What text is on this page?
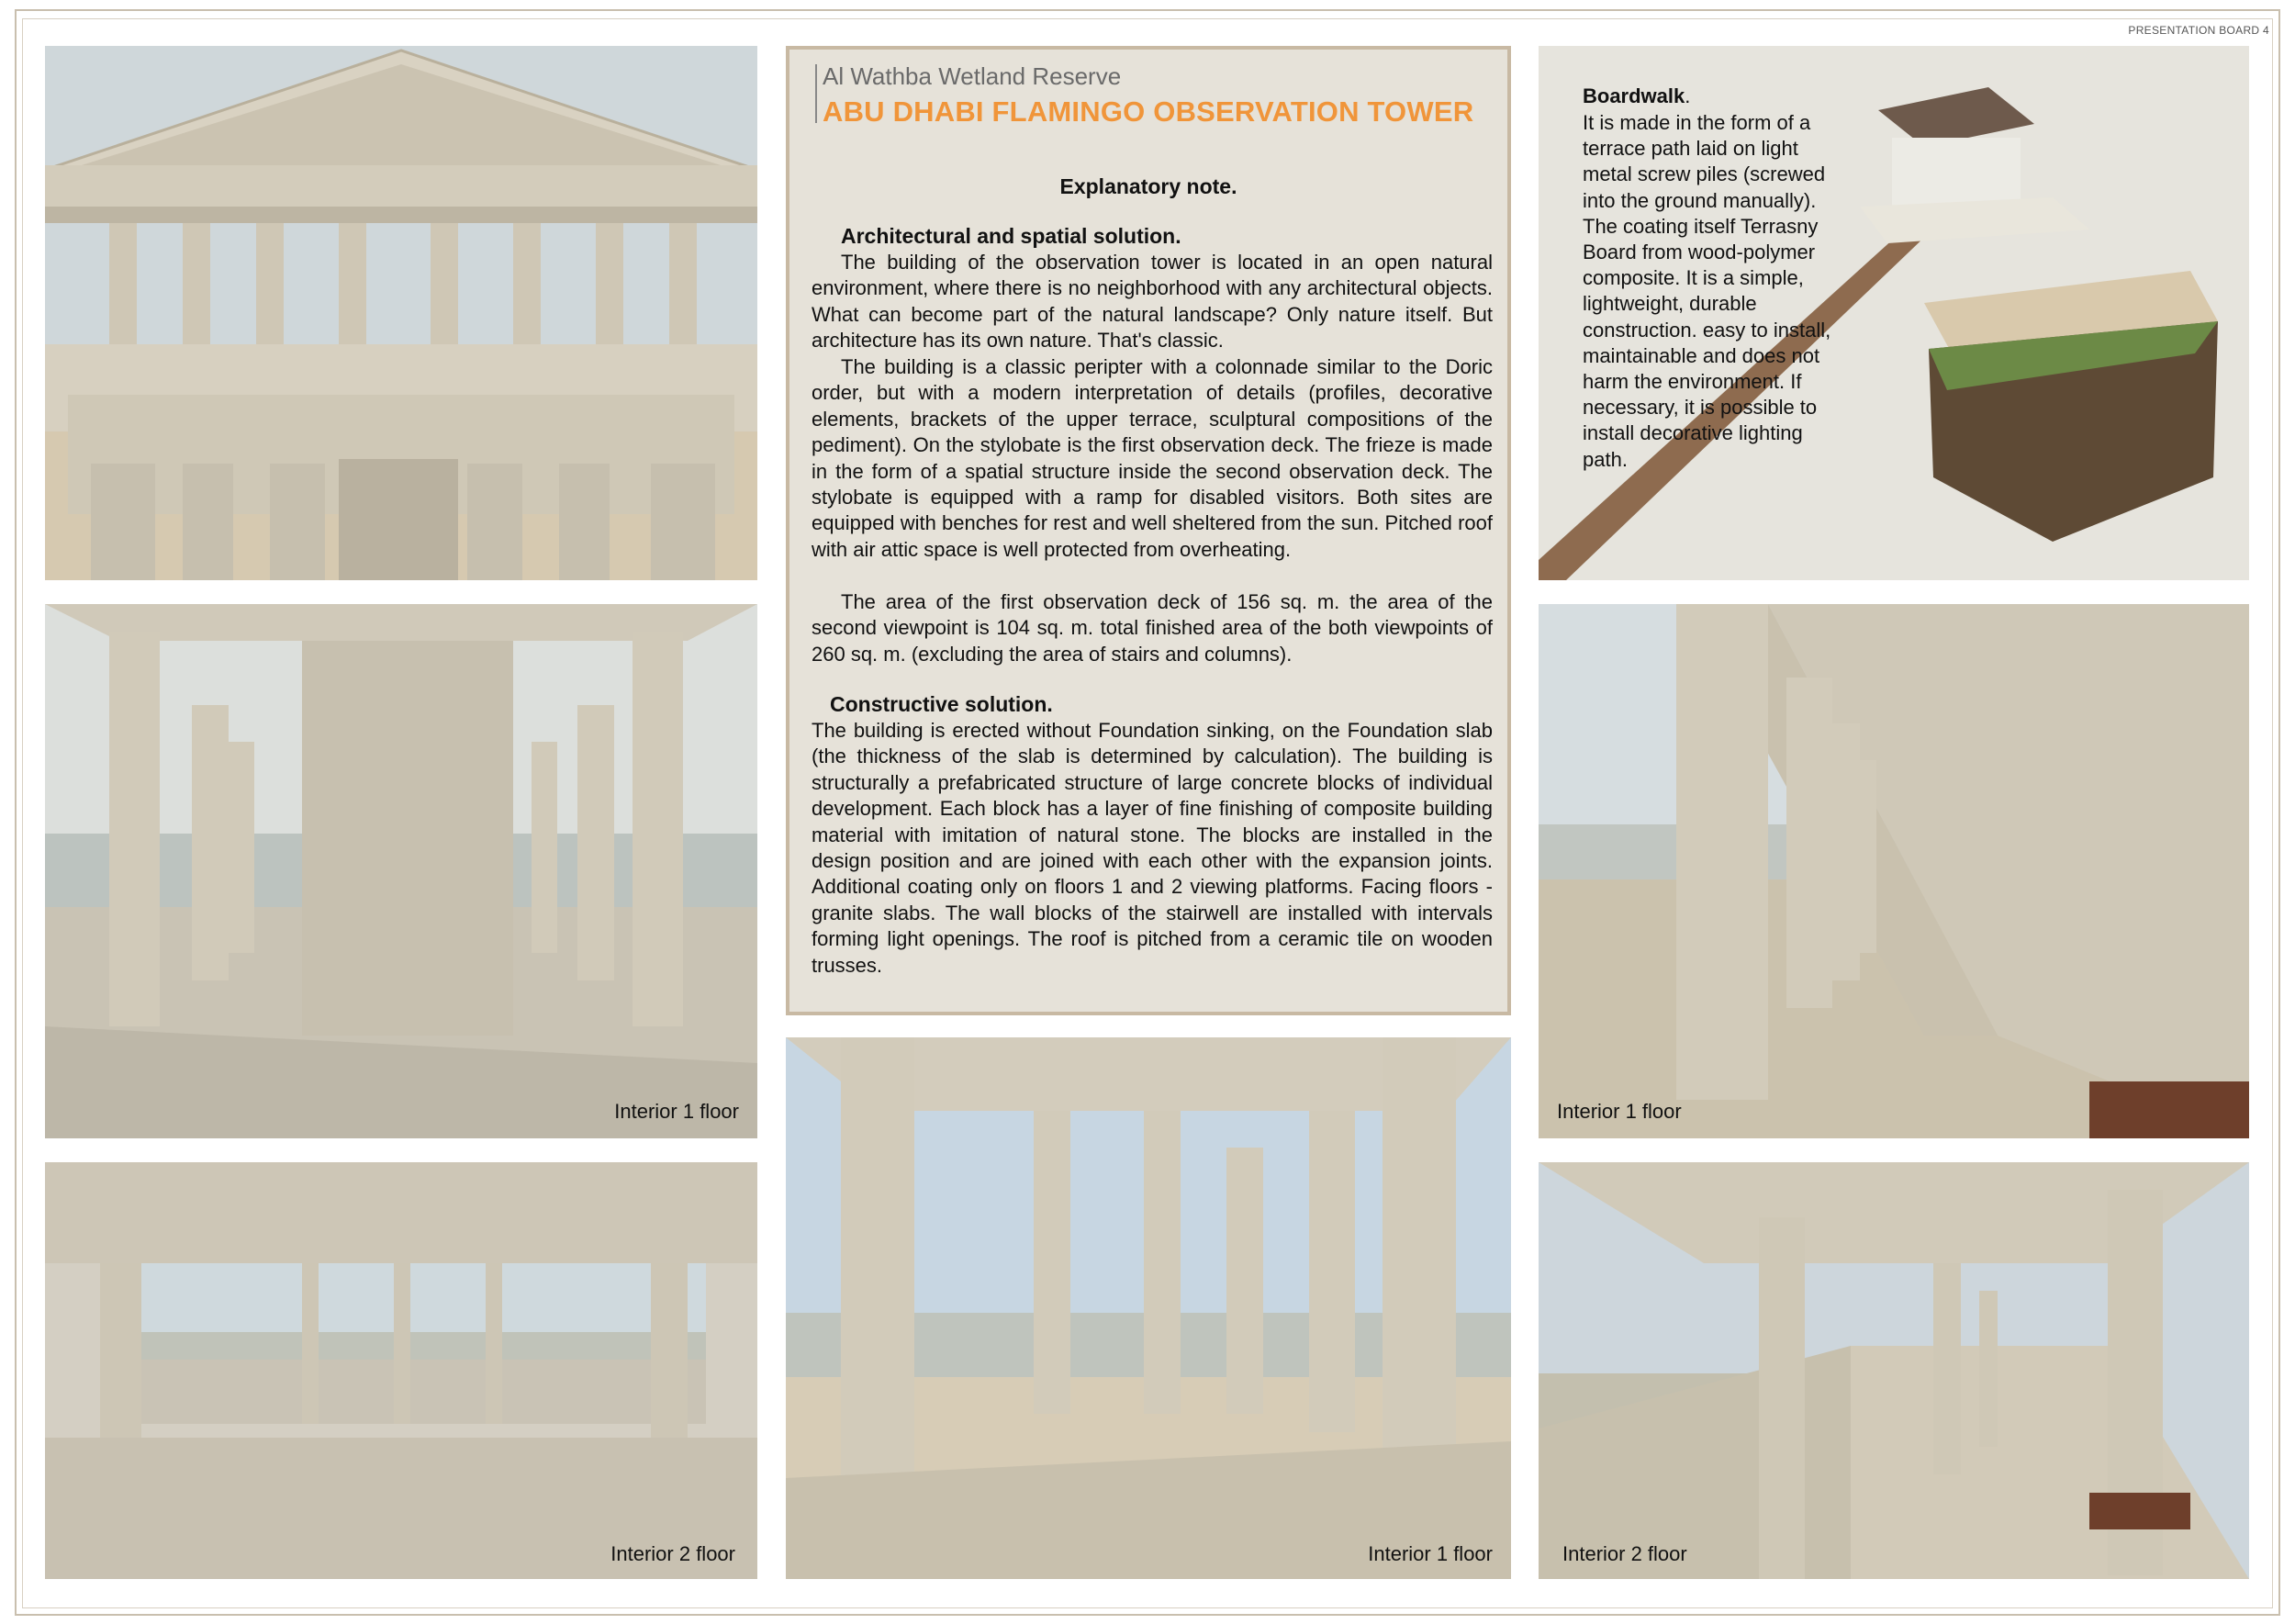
PRESENTATION BOARD 4
Interior 1 floor
Interior 2 floor
Al Wathba Wetland Reserve
ABU DHABI FLAMINGO OBSERVATION TOWER
Explanatory note.
Architectural and spatial solution.
The building of the observation tower is located in an open natural environment, where there is no neighborhood with any architectural objects. What can become part of the natural landscape? Only nature itself. But architecture has its own nature. That's classic.
The building is a classic peripter with a colonnade similar to the Doric order, but with a modern interpretation of details (profiles, decorative elements, brackets of the upper terrace, sculptural compositions of the pediment). On the stylobate is the first observation deck. The frieze is made in the form of a spatial structure inside the second observation deck. The stylobate is equipped with a ramp for disabled visitors. Both sites are equipped with benches for rest and well sheltered from the sun. Pitched roof with air attic space is well protected from overheating.
The area of the first observation deck of 156 sq. m. the area of the second viewpoint is 104 sq. m. total finished area of the both viewpoints of 260 sq. m. (excluding the area of stairs and columns).
Constructive solution.
The building is erected without Foundation sinking, on the Foundation slab (the thickness of the slab is determined by calculation). The building is structurally a prefabricated structure of large concrete blocks of individual development. Each block has a layer of fine finishing of composite building material with imitation of natural stone. The blocks are installed in the design position and are joined with each other with the expansion joints. Additional coating only on floors 1 and 2 viewing platforms. Facing floors - granite slabs. The wall blocks of the stairwell are installed with intervals forming light openings. The roof is pitched from a ceramic tile on wooden trusses.
Interior 1 floor
Boardwalk.
It is made in the form of a terrace path laid on light metal screw piles (screwed into the ground manually). The coating itself Terrasny Board from wood-polymer composite. It is a simple, lightweight, durable construction. easy to install, maintainable and does not harm the environment. If necessary, it is possible to install decorative lighting path.
Interior 1 floor
Interior 2 floor
